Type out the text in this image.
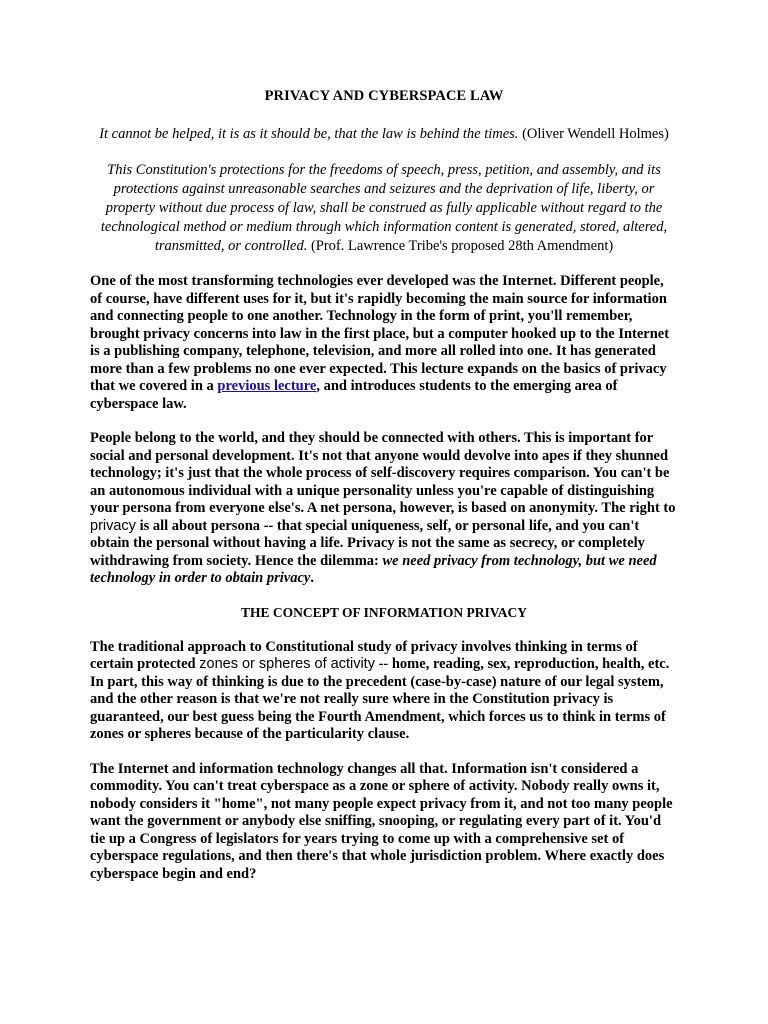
PRIVACY AND CYBERSPACE LAW
It cannot be helped, it is as it should be, that the law is behind the times. (Oliver Wendell Holmes)
This Constitution's protections for the freedoms of speech, press, petition, and assembly, and its protections against unreasonable searches and seizures and the deprivation of life, liberty, or property without due process of law, shall be construed as fully applicable without regard to the technological method or medium through which information content is generated, stored, altered, transmitted, or controlled. (Prof. Lawrence Tribe's proposed 28th Amendment)
One of the most transforming technologies ever developed was the Internet. Different people, of course, have different uses for it, but it's rapidly becoming the main source for information and connecting people to one another. Technology in the form of print, you'll remember, brought privacy concerns into law in the first place, but a computer hooked up to the Internet is a publishing company, telephone, television, and more all rolled into one. It has generated more than a few problems no one ever expected. This lecture expands on the basics of privacy that we covered in a previous lecture, and introduces students to the emerging area of cyberspace law.
People belong to the world, and they should be connected with others. This is important for social and personal development. It's not that anyone would devolve into apes if they shunned technology; it's just that the whole process of self-discovery requires comparison. You can't be an autonomous individual with a unique personality unless you're capable of distinguishing your persona from everyone else's. A net persona, however, is based on anonymity. The right to privacy is all about persona -- that special uniqueness, self, or personal life, and you can't obtain the personal without having a life. Privacy is not the same as secrecy, or completely withdrawing from society. Hence the dilemma: we need privacy from technology, but we need technology in order to obtain privacy.
THE CONCEPT OF INFORMATION PRIVACY
The traditional approach to Constitutional study of privacy involves thinking in terms of certain protected zones or spheres of activity -- home, reading, sex, reproduction, health, etc. In part, this way of thinking is due to the precedent (case-by-case) nature of our legal system, and the other reason is that we're not really sure where in the Constitution privacy is guaranteed, our best guess being the Fourth Amendment, which forces us to think in terms of zones or spheres because of the particularity clause.
The Internet and information technology changes all that. Information isn't considered a commodity. You can't treat cyberspace as a zone or sphere of activity. Nobody really owns it, nobody considers it "home", not many people expect privacy from it, and not too many people want the government or anybody else sniffing, snooping, or regulating every part of it. You'd tie up a Congress of legislators for years trying to come up with a comprehensive set of cyberspace regulations, and then there's that whole jurisdiction problem. Where exactly does cyberspace begin and end?
